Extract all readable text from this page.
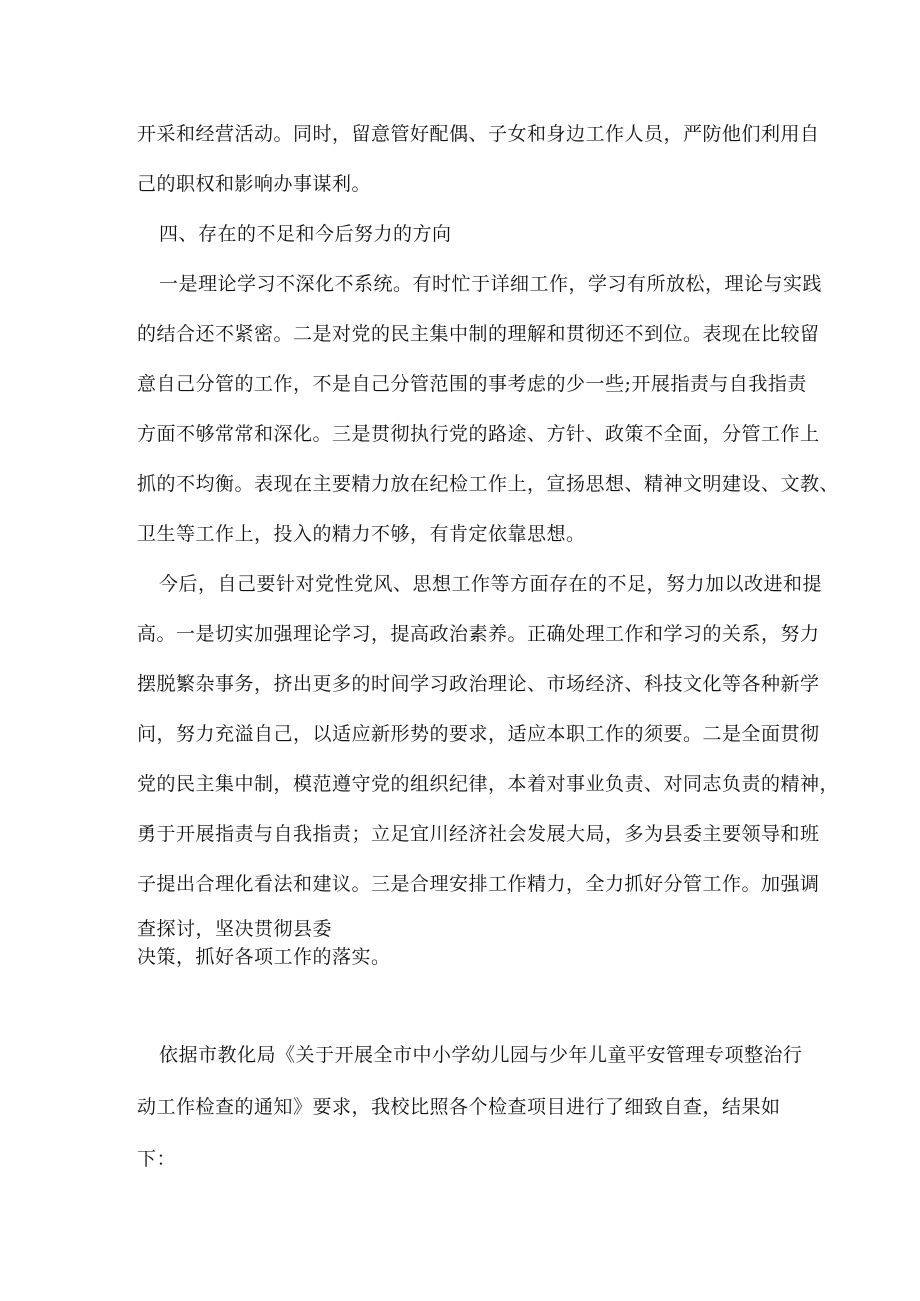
开采和经营活动。同时，留意管好配偶、子女和身边工作人员，严防他们利用自
己的职权和影响办事谋利。
四、存在的不足和今后努力的方向
一是理论学习不深化不系统。有时忙于详细工作，学习有所放松，理论与实践
的结合还不紧密。二是对党的民主集中制的理解和贯彻还不到位。表现在比较留
意自己分管的工作，不是自己分管范围的事考虑的少一些;开展指责与自我指责
方面不够常常和深化。三是贯彻执行党的路途、方针、政策不全面，分管工作上
抓的不均衡。表现在主要精力放在纪检工作上，宣扬思想、精神文明建设、文教、
卫生等工作上，投入的精力不够，有肯定依靠思想。
今后，自己要针对党性党风、思想工作等方面存在的不足，努力加以改进和提
高。一是切实加强理论学习，提高政治素养。正确处理工作和学习的关系，努力
摆脱繁杂事务，挤出更多的时间学习政治理论、市场经济、科技文化等各种新学
问，努力充溢自己，以适应新形势的要求，适应本职工作的须要。二是全面贯彻
党的民主集中制，模范遵守党的组织纪律，本着对事业负责、对同志负责的精神，
勇于开展指责与自我指责；立足宜川经济社会发展大局，多为县委主要领导和班
子提出合理化看法和建议。三是合理安排工作精力，全力抓好分管工作。加强调
查探讨，坚决贯彻县委
决策，抓好各项工作的落实。
依据市教化局《关于开展全市中小学幼儿园与少年儿童平安管理专项整治行
动工作检查的通知》要求，我校比照各个检查项目进行了细致自查，结果如
下：
